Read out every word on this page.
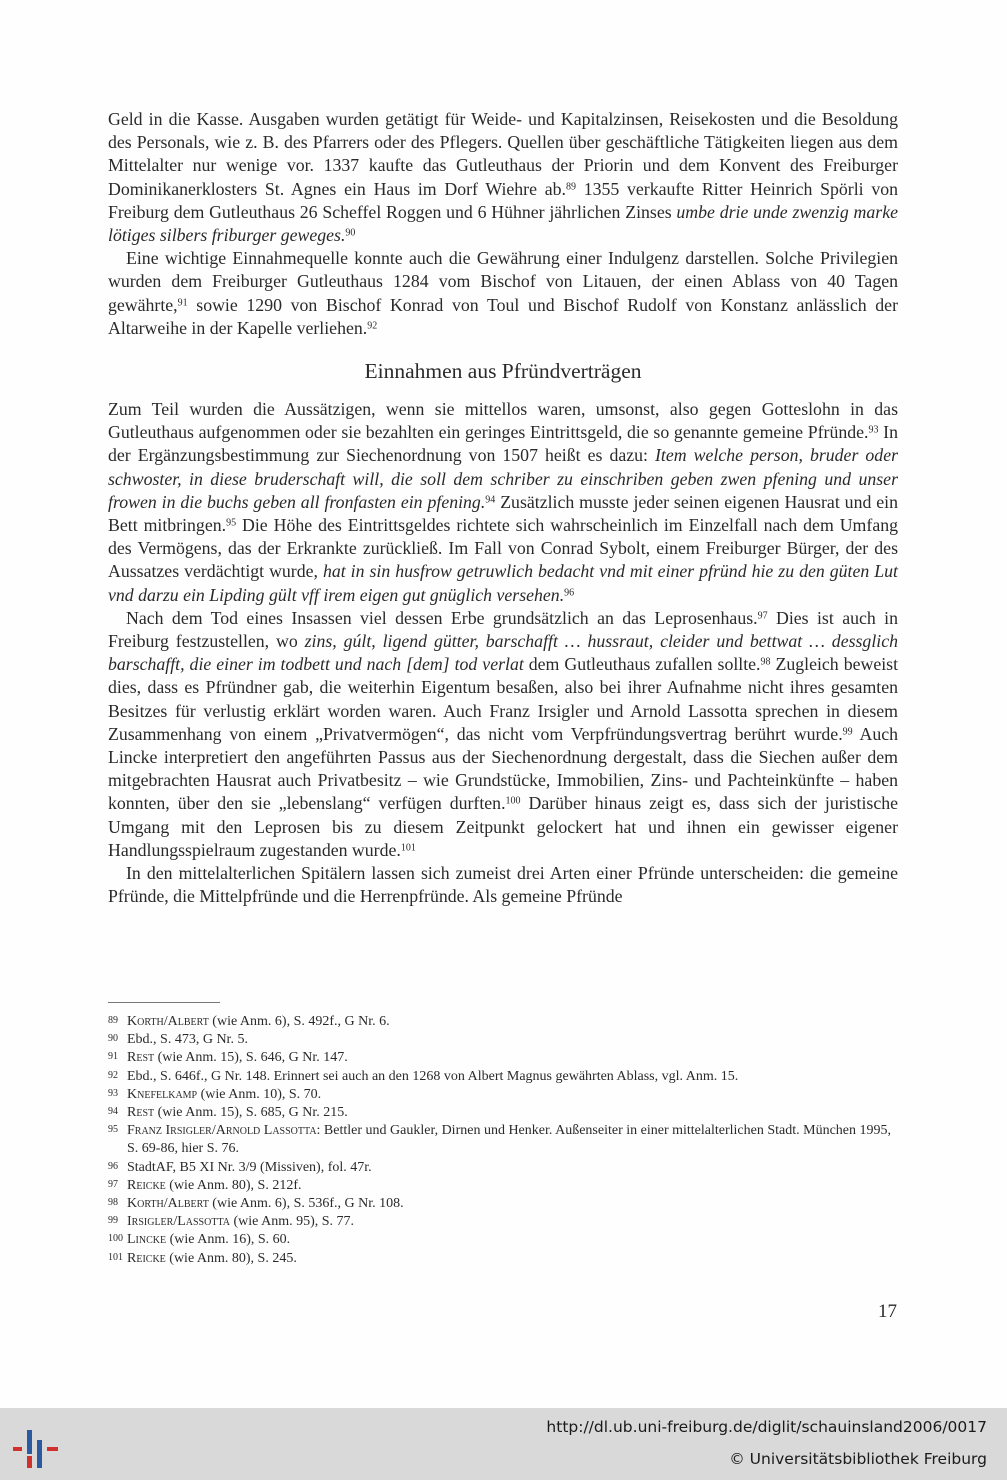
Geld in die Kasse. Ausgaben wurden getätigt für Weide- und Kapitalzinsen, Reisekosten und die Besoldung des Personals, wie z. B. des Pfarrers oder des Pflegers. Quellen über geschäftliche Tätigkeiten liegen aus dem Mittelalter nur wenige vor. 1337 kaufte das Gutleuthaus der Priorin und dem Konvent des Freiburger Dominikanerklosters St. Agnes ein Haus im Dorf Wiehre ab.$^{89}$ 1355 verkaufte Ritter Heinrich Spörli von Freiburg dem Gutleuthaus 26 Scheffel Roggen und 6 Hühner jährlichen Zinses umbe drie unde zwenzig marke lötiges silbers friburger geweges.$^{90}$

Eine wichtige Einnahmequelle konnte auch die Gewährung einer Indulgenz darstellen. Solche Privilegien wurden dem Freiburger Gutleuthaus 1284 vom Bischof von Litauen, der einen Ablass von 40 Tagen gewährte,$^{91}$ sowie 1290 von Bischof Konrad von Toul und Bischof Rudolf von Konstanz anlässlich der Altarweihe in der Kapelle verliehen.$^{92}$

Einnahmen aus Pfründverträgen

Zum Teil wurden die Aussätzigen, wenn sie mittellos waren, umsonst, also gegen Gotteslohn in das Gutleuthaus aufgenommen oder sie bezahlten ein geringes Eintrittsgeld, die so genannte gemeine Pfründe.$^{93}$ In der Ergänzungsbestimmung zur Siechenordnung von 1507 heißt es dazu: Item welche person, bruder oder schwoster, in diese bruderschaft will, die soll dem schriber zu einschriben geben zwen pfening und unser frowen in die buchs geben all fronfasten ein pfening.$^{94}$ Zusätzlich musste jeder seinen eigenen Hausrat und ein Bett mitbringen.$^{95}$ Die Höhe des Eintrittsgeldes richtete sich wahrscheinlich im Einzelfall nach dem Umfang des Vermögens, das der Erkrankte zurückließ. Im Fall von Conrad Sybolt, einem Freiburger Bürger, der des Aussatzes verdächtigt wurde, hat in sin husfrow getruwlich bedacht vnd mit einer pfründ hie zu den güten Lut vnd darzu ein Lipding gült vff irem eigen gut gnüglich versehen.$^{96}$

Nach dem Tod eines Insassen viel dessen Erbe grundsätzlich an das Leprosenhaus.$^{97}$ Dies ist auch in Freiburg festzustellen, wo zins, gúlt, ligend gütter, barschafft … hussraut, cleider und bettwat … dessglich barschafft, die einer im todbett und nach [dem] tod verlat dem Gutleuthaus zufallen sollte.$^{98}$ Zugleich beweist dies, dass es Pfründner gab, die weiterhin Eigentum besaßen, also bei ihrer Aufnahme nicht ihres gesamten Besitzes für verlustig erklärt worden waren. Auch Franz Irsigler und Arnold Lassotta sprechen in diesem Zusammenhang von einem „Privatvermögen“, das nicht vom Verpfründungsvertrag berührt wurde.$^{99}$ Auch Lincke interpretiert den angeführten Passus aus der Siechenordnung dergestalt, dass die Siechen außer dem mitgebrachten Hausrat auch Privatbesitz – wie Grundstücke, Immobilien, Zins- und Pachteinkünfte – haben konnten, über den sie „lebenslang“ verfügen durften.$^{100}$ Darüber hinaus zeigt es, dass sich der juristische Umgang mit den Leprosen bis zu diesem Zeitpunkt gelockert hat und ihnen ein gewisser eigener Handlungsspielraum zugestanden wurde.$^{101}$

In den mittelalterlichen Spitälern lassen sich zumeist drei Arten einer Pfründe unterscheiden: die gemeine Pfründe, die Mittelpfründe und die Herrenpfründe. Als gemeine Pfründe

89 Korth/Albert (wie Anm. 6), S. 492f., G Nr. 6.
90 Ebd., S. 473, G Nr. 5.
91 Rest (wie Anm. 15), S. 646, G Nr. 147.
92 Ebd., S. 646f., G Nr. 148. Erinnert sei auch an den 1268 von Albert Magnus gewährten Ablass, vgl. Anm. 15.
93 Knefelkamp (wie Anm. 10), S. 70.
94 Rest (wie Anm. 15), S. 685, G Nr. 215.
95 Franz Irsigler/Arnold Lassotta: Bettler und Gaukler, Dirnen und Henker. Außenseiter in einer mittelalterlichen Stadt. München 1995, S. 69-86, hier S. 76.
96 StadtAF, B5 XI Nr. 3/9 (Missiven), fol. 47r.
97 Reicke (wie Anm. 80), S. 212f.
98 Korth/Albert (wie Anm. 6), S. 536f., G Nr. 108.
99 Irsigler/Lassotta (wie Anm. 95), S. 77.
100 Lincke (wie Anm. 16), S. 60.
101 Reicke (wie Anm. 80), S. 245.
17
http://dl.ub.uni-freiburg.de/diglit/schauinsland2006/0017
© Universitätsbibliothek Freiburg
